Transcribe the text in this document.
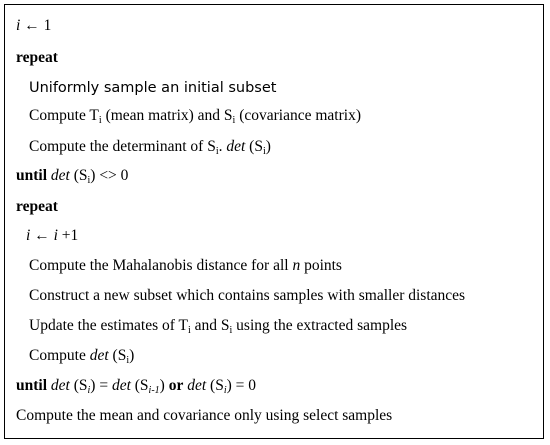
i ← 1
repeat
Uniformly sample an initial subset
Compute $T_i$ (mean matrix) and $S_i$ (covariance matrix)
Compute the determinant of $S_i$. $\det (S_i)$
until $\det (S_i) <> 0$
repeat
i ← i +1
Compute the Mahalanobis distance for all n points
Construct a new subset which contains samples with smaller distances
Update the estimates of $T_i$ and $S_i$ using the extracted samples
Compute $\det (S_i)$
until $\det (S_i) = \det (S_{i-1})$ or $\det (S_i) = 0$
Compute the mean and covariance only using select samples
